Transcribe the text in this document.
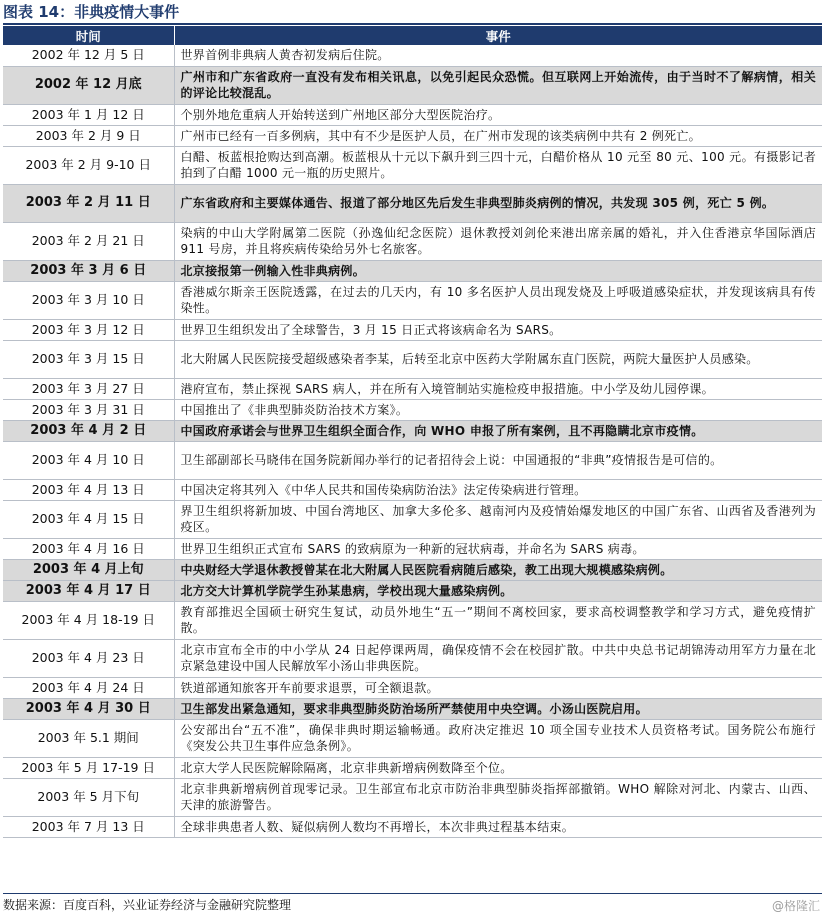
图表 14：非典疫情大事件
时间	事件
2002 年 12 月 5 日	世界首例非典病人黄杏初发病后住院。
2002 年 12 月底	广州市和广东省政府一直没有发布相关讯息，以免引起民众恐慌。但互联网上开始流传，由于当时不了解病情，相关的评论比较混乱。
2003 年 1 月 12 日	个别外地危重病人开始转送到广州地区部分大型医院治疗。
2003 年 2 月 9 日	广州市已经有一百多例病，其中有不少是医护人员，在广州市发现的该类病例中共有 2 例死亡。
2003 年 2 月 9-10 日	白醋、板蓝根抢购达到高潮。板蓝根从十元以下飙升到三四十元，白醋价格从 10 元至 80 元、100 元。有摄影记者拍到了白醋 1000 元一瓶的历史照片。
2003 年 2 月 11 日	广东省政府和主要媒体通告、报道了部分地区先后发生非典型肺炎病例的情况，共发现 305 例，死亡 5 例。
2003 年 2 月 21 日	染病的中山大学附属第二医院（孙逸仙纪念医院）退休教授刘剑伦来港出席亲属的婚礼，并入住香港京华国际酒店 911 号房，并且将疾病传染给另外七名旅客。
2003 年 3 月 6 日	北京接报第一例输入性非典病例。
2003 年 3 月 10 日	香港威尔斯亲王医院透露，在过去的几天内，有 10 多名医护人员出现发烧及上呼吸道感染症状，并发现该病具有传染性。
2003 年 3 月 12 日	世界卫生组织发出了全球警告，3 月 15 日正式将该病命名为 SARS。
2003 年 3 月 15 日	北大附属人民医院接受超级感染者李某，后转至北京中医药大学附属东直门医院，两院大量医护人员感染。
2003 年 3 月 27 日	港府宣布，禁止探视 SARS 病人，并在所有入境管制站实施检疫申报措施。中小学及幼儿园停课。
2003 年 3 月 31 日	中国推出了《非典型肺炎防治技术方案》。
2003 年 4 月 2 日	中国政府承诺会与世界卫生组织全面合作，向 WHO 申报了所有案例，且不再隐瞒北京市疫情。
2003 年 4 月 10 日	卫生部副部长马晓伟在国务院新闻办举行的记者招待会上说：中国通报的“非典”疫情报告是可信的。
2003 年 4 月 13 日	中国决定将其列入《中华人民共和国传染病防治法》法定传染病进行管理。
2003 年 4 月 15 日	界卫生组织将新加坡、中国台湾地区、加拿大多伦多、越南河内及疫情始爆发地区的中国广东省、山西省及香港列为疫区。
2003 年 4 月 16 日	世界卫生组织正式宣布 SARS 的致病原为一种新的冠状病毒，并命名为 SARS 病毒。
2003 年 4 月上旬	中央财经大学退休教授曾某在北大附属人民医院看病随后感染，教工出现大规模感染病例。
2003 年 4 月 17 日	北方交大计算机学院学生孙某患病，学校出现大量感染病例。
2003 年 4 月 18-19 日	教育部推迟全国硕士研究生复试，动员外地生“五一”期间不离校回家，要求高校调整教学和学习方式，避免疫情扩散。
2003 年 4 月 23 日	北京市宣布全市的中小学从 24 日起停课两周，确保疫情不会在校园扩散。中共中央总书记胡锦涛动用军方力量在北京紧急建设中国人民解放军小汤山非典医院。
2003 年 4 月 24 日	铁道部通知旅客开车前要求退票，可全额退款。
2003 年 4 月 30 日	卫生部发出紧急通知，要求非典型肺炎防治场所严禁使用中央空调。小汤山医院启用。
2003 年 5.1 期间	公安部出台“五不准”，确保非典时期运输畅通。政府决定推迟 10 项全国专业技术人员资格考试。国务院公布施行《突发公共卫生事件应急条例》。
2003 年 5 月 17-19 日	北京大学人民医院解除隔离，北京非典新增病例数降至个位。
2003 年 5 月下旬	北京非典新增病例首现零记录。卫生部宣布北京市防治非典型肺炎指挥部撤销。WHO 解除对河北、内蒙古、山西、天津的旅游警告。
2003 年 7 月 13 日	全球非典患者人数、疑似病例人数均不再增长，本次非典过程基本结束。
数据来源：百度百科，兴业证券经济与金融研究院整理	@格隆汇
